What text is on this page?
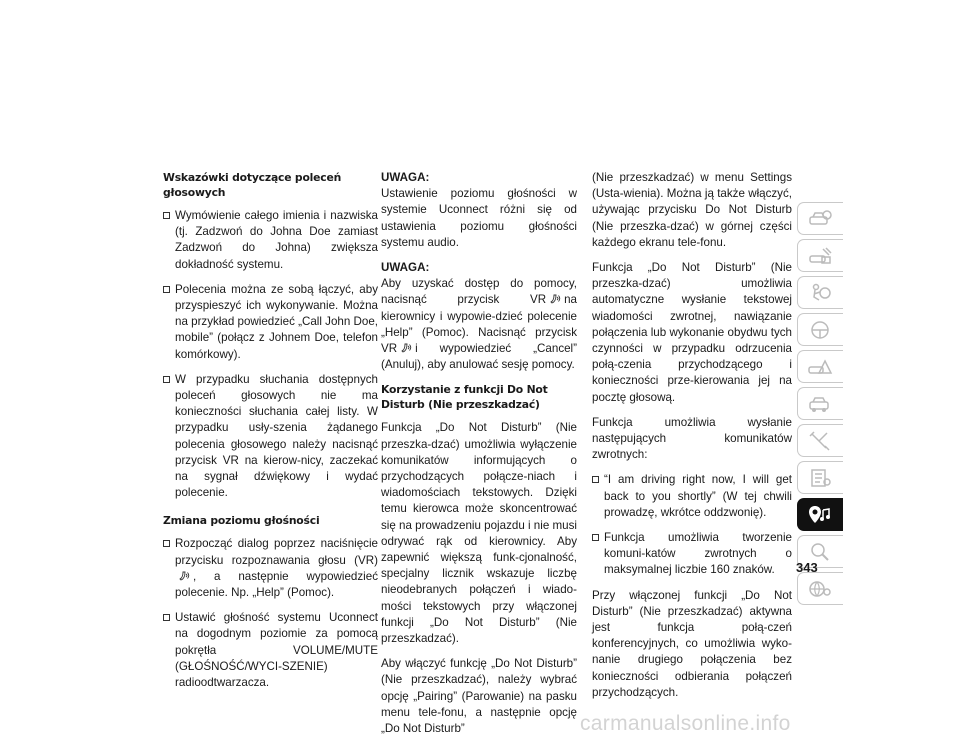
Wskazówki dotyczące poleceń głosowych
Wymówienie całego imienia i nazwiska (tj. Zadzwoń do Johna Doe zamiast Zadzwoń do Johna) zwiększa dokładność systemu.
Polecenia można ze sobą łączyć, aby przyspieszyć ich wykonywanie. Można na przykład powiedzieć „Call John Doe, mobile” (połącz z Johnem Doe, telefon komórkowy).
W przypadku słuchania dostępnych poleceń głosowych nie ma konieczności słuchania całej listy. W przypadku usły-szenia żądanego polecenia głosowego należy nacisnąć przycisk VR na kierow-nicy, zaczekać na sygnał dźwiękowy i wydać polecenie.
Zmiana poziomu głośności
Rozpocząć dialog poprzez naciśnięcie przycisku rozpoznawania głosu (VR), a następnie wypowiedzieć polecenie. Np. „Help” (Pomoc).
Ustawić głośność systemu Uconnect na dogodnym poziomie za pomocą pokrętła VOLUME/MUTE (GŁOŚNOŚĆ/WYCI-SZENIE) radioodtwarzacza.
UWAGA:
Ustawienie poziomu głośności w systemie Uconnect różni się od ustawienia poziomu głośności systemu audio.
UWAGA:
Aby uzyskać dostęp do pomocy, nacisnąć przycisk VR na kierownicy i wypowie-dzieć polecenie „Help” (Pomoc). Nacisnąć przycisk VR i wypowiedzieć „Cancel” (Anuluj), aby anulować sesję pomocy.
Korzystanie z funkcji Do Not Disturb (Nie przeszkadzać)
Funkcja „Do Not Disturb” (Nie przeszka-dzać) umożliwia wyłączenie komunikatów informujących o przychodzących połącze-niach i wiadomościach tekstowych. Dzięki temu kierowca może skoncentrować się na prowadzeniu pojazdu i nie musi odrywać rąk od kierownicy. Aby zapewnić większą funk-cjonalność, specjalny licznik wskazuje liczbę nieodebranych połączeń i wiado-mości tekstowych przy włączonej funkcji „Do Not Disturb” (Nie przeszkadzać).
Aby włączyć funkcję „Do Not Disturb” (Nie przeszkadzać), należy wybrać opcję „Pairing” (Parowanie) na pasku menu tele-fonu, a następnie opcję „Do Not Disturb”
(Nie przeszkadzać) w menu Settings (Usta-wienia). Można ją także włączyć, używając przycisku Do Not Disturb (Nie przeszka-dzać) w górnej części każdego ekranu tele-fonu.
Funkcja „Do Not Disturb” (Nie przeszka-dzać) umożliwia automatyczne wysłanie tekstowej wiadomości zwrotnej, nawiązanie połączenia lub wykonanie obydwu tych czynności w przypadku odrzucenia połą-czenia przychodzącego i konieczności prze-kierowania jej na pocztę głosową.
Funkcja umożliwia wysłanie następujących komunikatów zwrotnych:
“I am driving right now, I will get back to you shortly” (W tej chwili prowadzę, wkrótce oddzwonię).
Funkcja umożliwia tworzenie komuni-katów zwrotnych o maksymalnej liczbie 160 znaków.
Przy włączonej funkcji „Do Not Disturb” (Nie przeszkadzać) aktywna jest funkcja połą-czeń konferencyjnych, co umożliwia wyko-nanie drugiego połączenia bez konieczności odbierania połączeń przychodzących.
343
carmanualsonline.info
